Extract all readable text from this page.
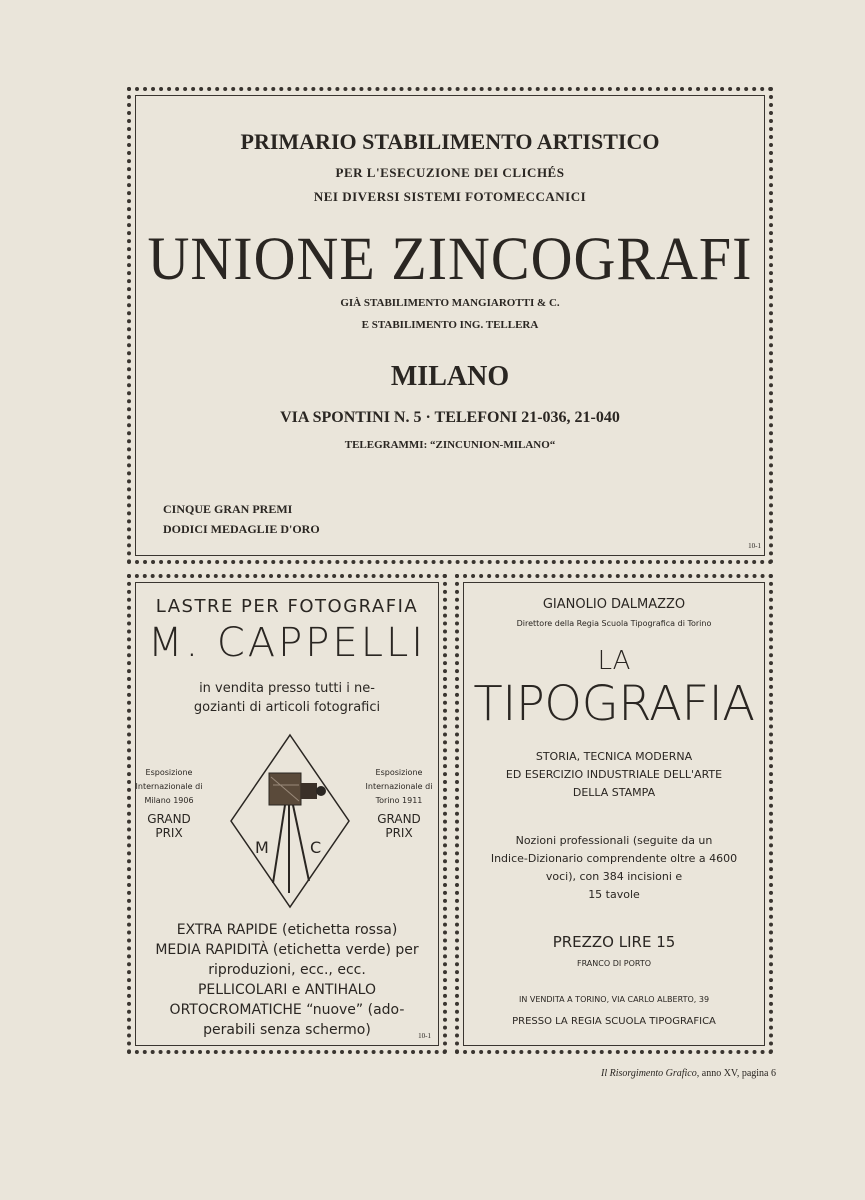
PRIMARIO STABILIMENTO ARTISTICO
PER L'ESECUZIONE DEI CLICHÉS
NEI DIVERSI SISTEMI FOTOMECCANICI
UNIONE ZINCOGRAFI
GIÀ STABILIMENTO MANGIAROTTI & C.
E STABILIMENTO ING. TELLERA
MILANO
VIA SPONTINI N. 5 · TELEFONI 21-036, 21-040
TELEGRAMMI: “ZINCUNION-MILANO“
CINQUE GRAN PREMI
DODICI MEDAGLIE D'ORO
10-1
LASTRE PER FOTOGRAFIA
M. CAPPELLI
in vendita presso tutti i ne-
gozianti di articoli fotografici
Esposizione
Internazionale di
Milano 1906
GRAND
PRIX
Esposizione
Internazionale di
Torino 1911
GRAND
PRIX
M	C
EXTRA RAPIDE (etichetta rossa)
MEDIA RAPIDITÀ (etichetta verde) per
riproduzioni, ecc., ecc.
PELLICOLARI e ANTIHALO
ORTOCROMATICHE “nuove” (ado-
perabili senza schermo)	10-1
GIANOLIO DALMAZZO
Direttore della Regia Scuola Tipografica di Torino
LA
TIPOGRAFIA
STORIA, TECNICA MODERNA
ED ESERCIZIO INDUSTRIALE DELL'ARTE
DELLA STAMPA
Nozioni professionali (seguite da un
Indice-Dizionario comprendente oltre a 4600
voci), con 384 incisioni e
15 tavole
PREZZO LIRE 15
FRANCO DI PORTO
IN VENDITA A TORINO, VIA CARLO ALBERTO, 39
PRESSO LA REGIA SCUOLA TIPOGRAFICA
Il Risorgimento Grafico, anno XV, pagina 6
